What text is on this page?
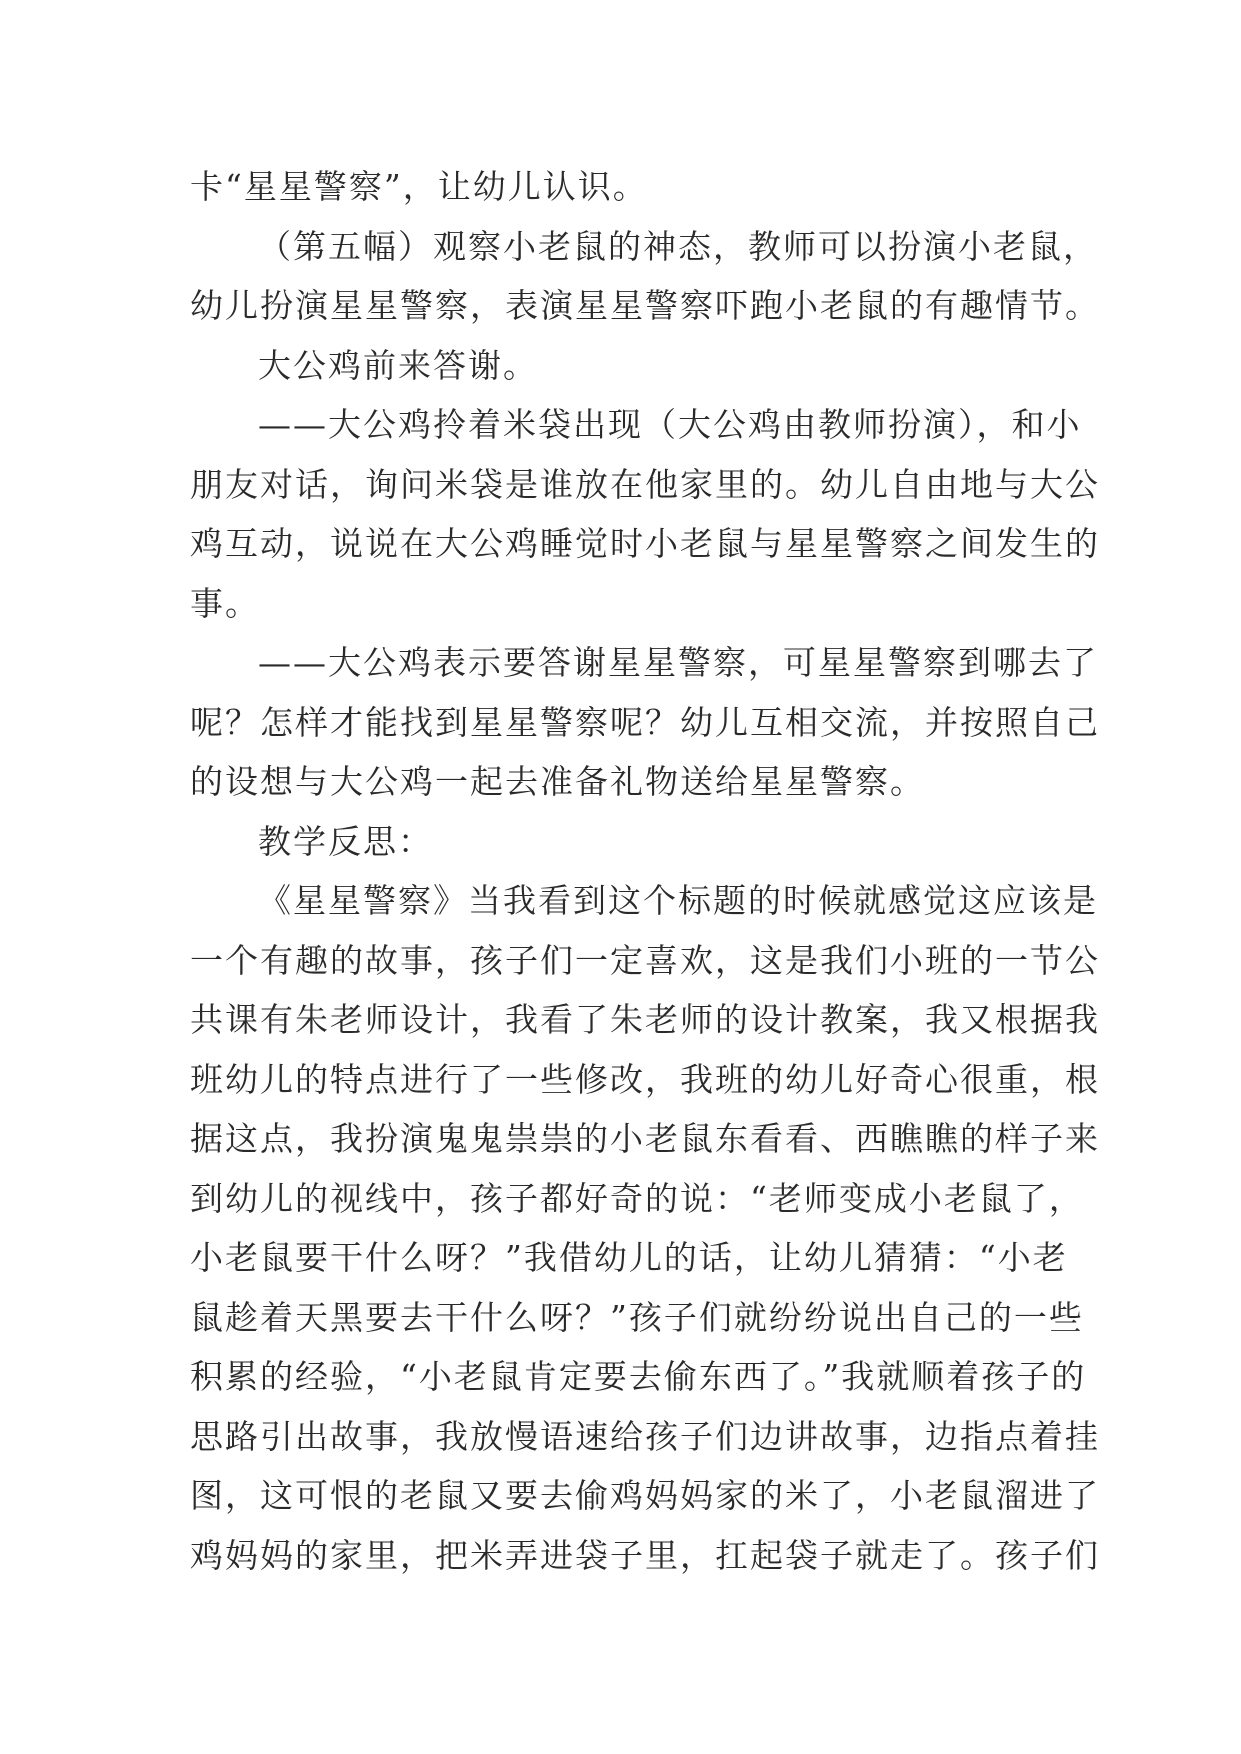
卡“星星警察”，让幼儿认识。
（第五幅）观察小老鼠的神态，教师可以扮演小老鼠，
幼儿扮演星星警察，表演星星警察吓跑小老鼠的有趣情节。
大公鸡前来答谢。
——大公鸡拎着米袋出现（大公鸡由教师扮演），和小
朋友对话，询问米袋是谁放在他家里的。幼儿自由地与大公
鸡互动，说说在大公鸡睡觉时小老鼠与星星警察之间发生的
事。
——大公鸡表示要答谢星星警察，可星星警察到哪去了
呢？怎样才能找到星星警察呢？幼儿互相交流，并按照自己
的设想与大公鸡一起去准备礼物送给星星警察。
教学反思：
《星星警察》当我看到这个标题的时候就感觉这应该是
一个有趣的故事，孩子们一定喜欢，这是我们小班的一节公
共课有朱老师设计，我看了朱老师的设计教案，我又根据我
班幼儿的特点进行了一些修改，我班的幼儿好奇心很重，根
据这点，我扮演鬼鬼祟祟的小老鼠东看看、西瞧瞧的样子来
到幼儿的视线中，孩子都好奇的说：“老师变成小老鼠了，
小老鼠要干什么呀？”我借幼儿的话，让幼儿猜猜：“小老
鼠趁着天黑要去干什么呀？”孩子们就纷纷说出自己的一些
积累的经验，“小老鼠肯定要去偷东西了。”我就顺着孩子的
思路引出故事，我放慢语速给孩子们边讲故事，边指点着挂
图，这可恨的老鼠又要去偷鸡妈妈家的米了，小老鼠溜进了
鸡妈妈的家里，把米弄进袋子里，扛起袋子就走了。孩子们
